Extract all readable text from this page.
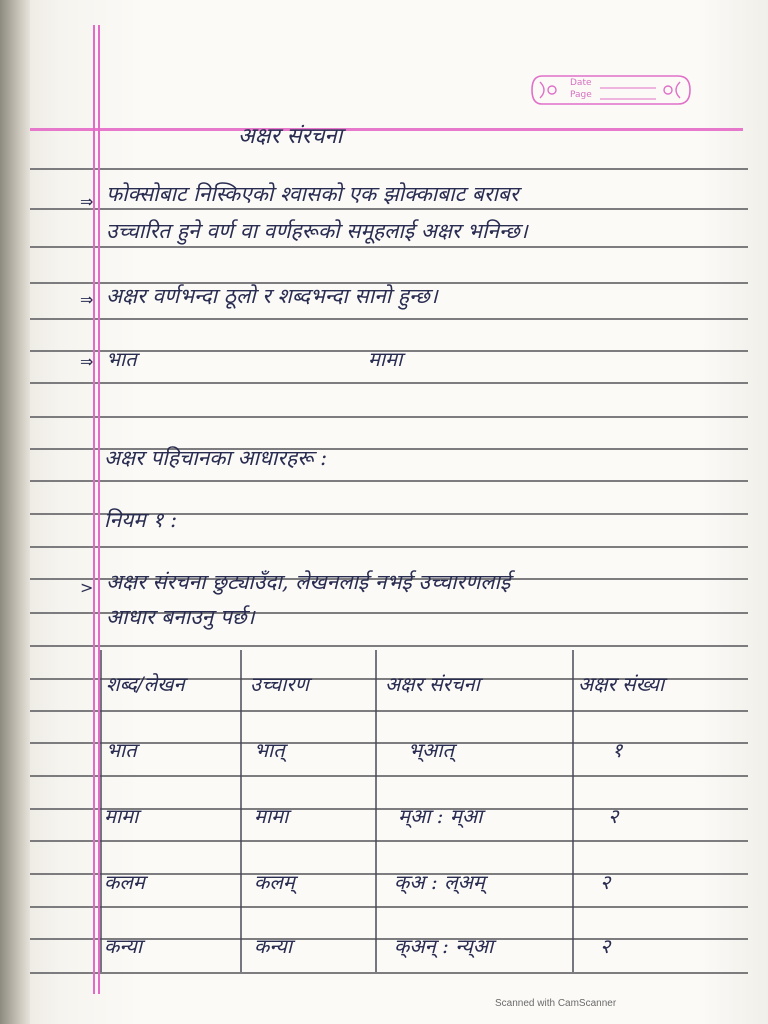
Date
Page
अक्षर संरचना
⇒ फोक्सोबाट निस्किएको श्वासको एक झोक्काबाट बराबर
उच्चारित हुने वर्ण वा वर्णहरूको समूहलाई अक्षर भनिन्छ।
⇒ अक्षर वर्णभन्दा ठूलो र शब्दभन्दा सानो हुन्छ।
⇒ भात	मामा
अक्षर पहिचानका आधारहरू :
नियम १ :
> अक्षर संरचना छुट्याउँदा, लेखनलाई नभई उच्चारणलाई
आधार बनाउनु पर्छ।
शब्द/लेखन	उच्चारण	अक्षर संरचना	अक्षर संख्या
भात	भात्	भ्आत्	१
मामा	मामा	म्आ : म्आ	२
कलम	कलम्	क्अ : ल्अम्	२
कन्या	कन्या	क्अन् : न्य्आ	२
Scanned with CamScanner
